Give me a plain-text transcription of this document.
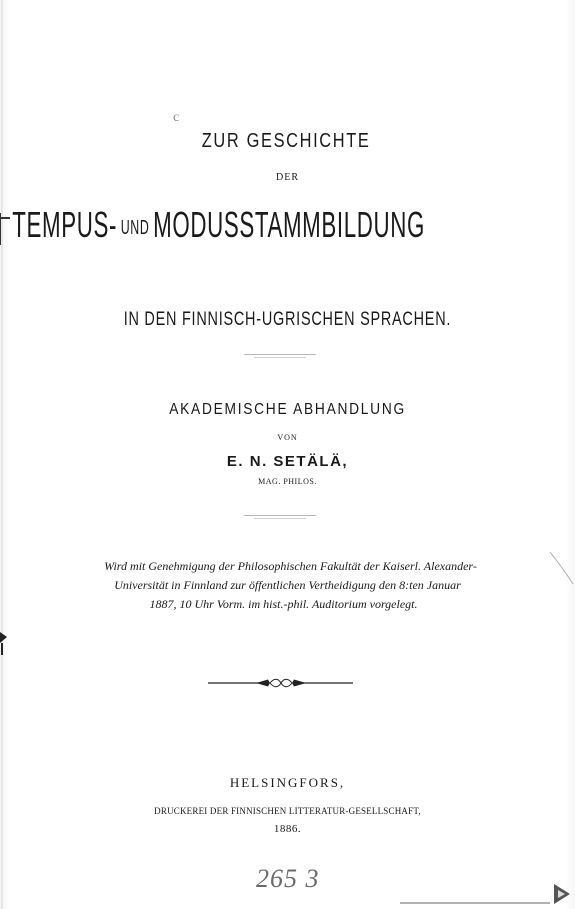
c
ZUR GESCHICHTE
DER
TEMPUS- UND MODUSSTAMMBILDUNG
IN DEN FINNISCH-UGRISCHEN SPRACHEN.
AKADEMISCHE ABHANDLUNG
VON
E. N. SETÄLÄ,
MAG. PHILOS.
Wird mit Genehmigung der Philosophischen Fakultät der Kaiserl. Alexander-
Universität in Finnland zur öffentlichen Vertheidigung den 8:ten Januar
1887, 10 Uhr Vorm. im hist.-phil. Auditorium vorgelegt.
HELSINGFORS,
DRUCKEREI DER FINNISCHEN LITTERATUR-GESELLSCHAFT,
1886.
265 3
